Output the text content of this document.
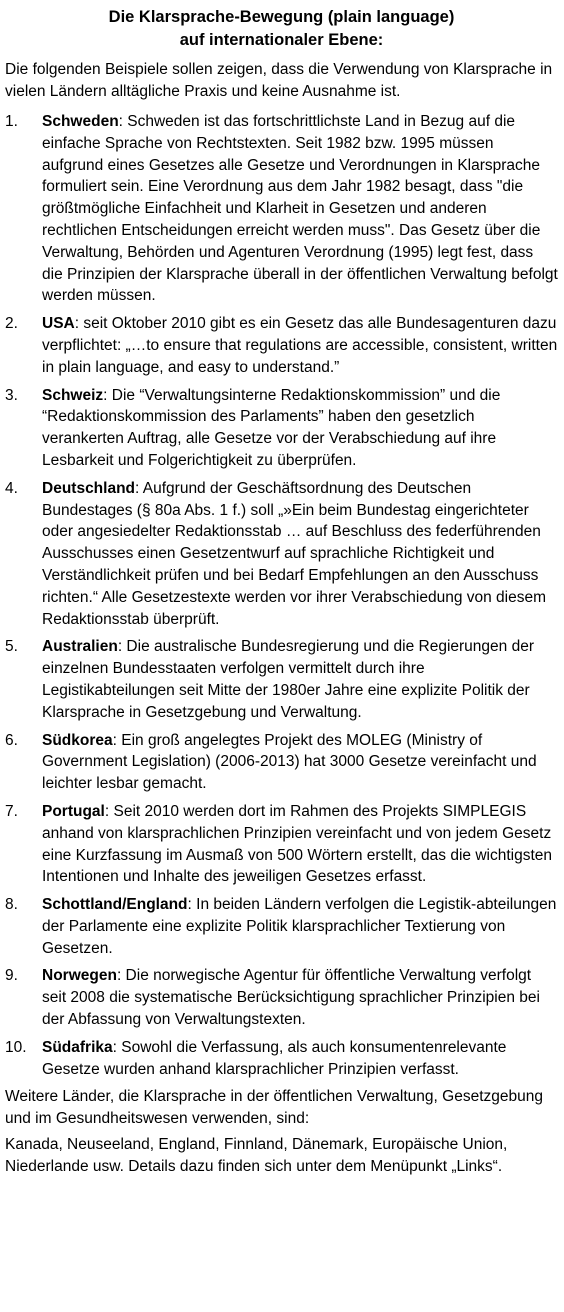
Die Klarsprache-Bewegung (plain language)
auf internationaler Ebene:

Die folgenden Beispiele sollen zeigen, dass die Verwendung von Klarsprache in vielen Ländern alltägliche Praxis und keine Ausnahme ist.

1.	Schweden: Schweden ist das fortschrittlichste Land in Bezug auf die einfache Sprache von Rechtstexten. Seit 1982 bzw. 1995 müssen aufgrund eines Gesetzes alle Gesetze und Verordnungen in Klarsprache formuliert sein. Eine Verordnung aus dem Jahr 1982 besagt, dass "die größtmögliche Einfachheit und Klarheit in Gesetzen und anderen rechtlichen Entscheidungen erreicht werden muss". Das Gesetz über die Verwaltung, Behörden und Agenturen Verordnung (1995) legt fest, dass die Prinzipien der Klarsprache überall in der öffentlichen Verwaltung befolgt werden müssen.
2.	USA: seit Oktober 2010 gibt es ein Gesetz das alle Bundesagenturen dazu verpflichtet: „…to ensure that regulations are accessible, consistent, written in plain language, and easy to understand.”
3.	Schweiz: Die “Verwaltungsinterne Redaktionskommission” und die “Redaktionskommission des Parlaments” haben den gesetzlich verankerten Auftrag, alle Gesetze vor der Verabschiedung auf ihre Lesbarkeit und Folgerichtigkeit zu überprüfen.
4.	Deutschland: Aufgrund der Geschäftsordnung des Deutschen Bundestages (§ 80a Abs. 1 f.) soll „»Ein beim Bundestag eingerichteter oder angesiedelter Redaktionsstab … auf Beschluss des federführenden Ausschusses einen Gesetzentwurf auf sprachliche Richtigkeit und Verständlichkeit prüfen und bei Bedarf Empfehlungen an den Ausschuss richten.“ Alle Gesetzestexte werden vor ihrer Verabschiedung von diesem Redaktionsstab überprüft.
5.	Australien: Die australische Bundesregierung und die Regierungen der einzelnen Bundesstaaten verfolgen vermittelt durch ihre Legistikabteilungen seit Mitte der 1980er Jahre eine explizite Politik der Klarsprache in Gesetzgebung und Verwaltung.
6.	Südkorea: Ein groß angelegtes Projekt des MOLEG (Ministry of Government Legislation) (2006-2013) hat 3000 Gesetze vereinfacht und leichter lesbar gemacht.
7.	Portugal: Seit 2010 werden dort im Rahmen des Projekts SIMPLEGIS anhand von klarsprachlichen Prinzipien vereinfacht und von jedem Gesetz eine Kurzfassung im Ausmaß von 500 Wörtern erstellt, das die wichtigsten Intentionen und Inhalte des jeweiligen Gesetzes erfasst.
8.	Schottland/England: In beiden Ländern verfolgen die Legistik-abteilungen der Parlamente eine explizite Politik klarsprachlicher Textierung von Gesetzen.
9.	Norwegen: Die norwegische Agentur für öffentliche Verwaltung verfolgt seit 2008 die systematische Berücksichtigung sprachlicher Prinzipien bei der Abfassung von Verwaltungstexten.
10. Südafrika: Sowohl die Verfassung, als auch konsumentenrelevante Gesetze wurden anhand klarsprachlicher Prinzipien verfasst.

Weitere Länder, die Klarsprache in der öffentlichen Verwaltung, Gesetzgebung und im Gesundheitswesen verwenden, sind:

Kanada, Neuseeland, England, Finnland, Dänemark, Europäische Union, Niederlande usw. Details dazu finden sich unter dem Menüpunkt „Links“.
